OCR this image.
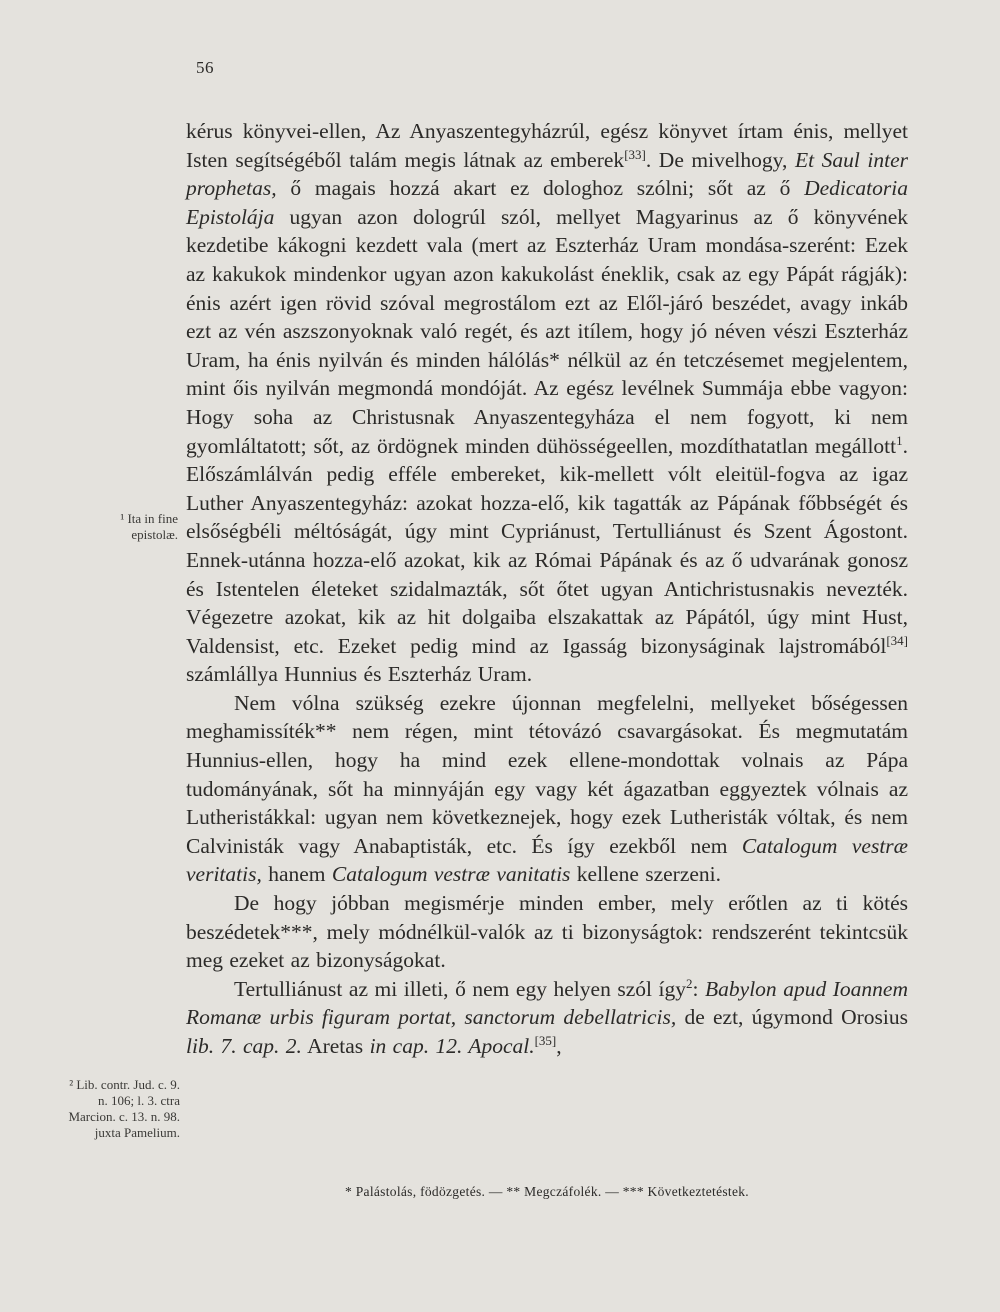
56

kérus könyvei-ellen, Az Anyaszentegyházrúl, egész könyvet írtam énis, mellyet Isten segítségéből talám megis látnak az emberek[33]. De mivelhogy, Et Saul inter prophetas, ő magais hozzá akart ez dologhoz szólni; sőt az ő Dedicatoria Epistolája ugyan azon dologrúl szól, mellyet Magyarinus az ő könyvének kezdetibe kákogni kezdett vala (mert az Eszterház Uram mondása-szerént: Ezek az kakukok mindenkor ugyan azon kakukolást éneklik, csak az egy Pápát rágják): énis azért igen rövid szóval megrostálom ezt az Elől-járó beszédet, avagy inkáb ezt az vén aszszonyoknak való regét, és azt itílem, hogy jó néven vészi Eszterház Uram, ha énis nyilván és minden hálólás* nélkül az én tetczésemet megjelentem, mint őis nyilván megmondá mondóját. Az egész levélnek Summája ebbe vagyon: Hogy soha az Christusnak Anyaszentegyháza el nem fogyott, ki nem gyomláltatott; sőt, az ördögnek minden dühösségeellen, mozdíthatatlan megállott$^1$. Előszámlálván pedig efféle embereket, kik-mellett vólt eleitül-fogva az igaz Luther Anyaszentegyház: azokat hozza-elő, kik tagatták az Pápának főbbségét és elsőségbéli méltóságát, úgy mint Cypriánust, Tertulliánust és Szent Ágostont. Ennek-utánna hozza-elő azokat, kik az Római Pápának és az ő udvarának gonosz és Istentelen életeket szidalmazták, sőt őtet ugyan Antichristusnakis nevezték. Végezetre azokat, kik az hit dolgaiba elszakattak az Pápától, úgy mint Hust, Valdensist, etc. Ezeket pedig mind az Igasság bizonyságinak lajstromából[34] számlállya Hunnius és Eszterház Uram.

Nem vólna szükség ezekre újonnan megfelelni, mellyeket bőségessen meghamissíték** nem régen, mint tétovázó csavargásokat. És megmutatám Hunnius-ellen, hogy ha mind ezek ellene-mondottak volnais az Pápa tudományának, sőt ha minnyáján egy vagy két ágazatban eggyeztek vólnais az Lutheristákkal: ugyan nem következnejek, hogy ezek Lutheristák vóltak, és nem Calvinisták vagy Anabaptisták, etc. És így ezekből nem Catalogum vestræ veritatis, hanem Catalogum vestræ vanitatis kellene szerzeni.

De hogy jóbban megismérje minden ember, mely erőtlen az ti kötés beszédetek***, mely módnélkül-valók az ti bizonyságtok: rendszerént tekintcsük meg ezeket az bizonyságokat.

Tertulliánust az mi illeti, ő nem egy helyen szól így$^2$: Babylon apud Ioannem Romanæ urbis figuram portat, sanctorum debellatricis, de ezt, úgymond Orosius lib. 7. cap. 2. Aretas in cap. 12. Apocal.[35],

¹ Ita in fine epistolæ.
² Lib. contr. Jud. c. 9. n. 106; l. 3. ctra Marcion. c. 13. n. 98. juxta Pamelium.
* Palástolás, födözgetés. — ** Megczáfolék. — *** Következtetéstek.
